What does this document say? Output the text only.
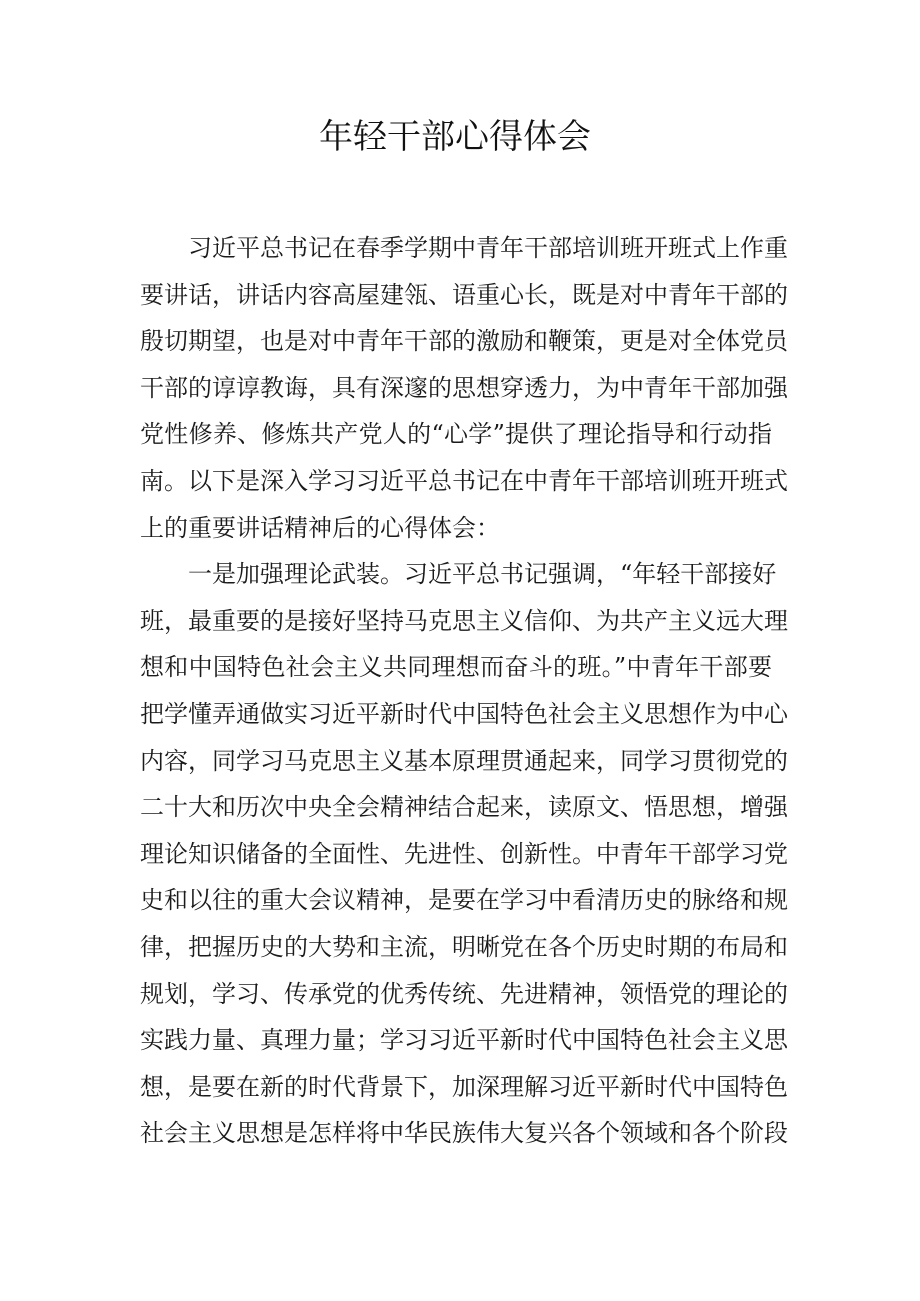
年轻干部心得体会
习近平总书记在春季学期中青年干部培训班开班式上作重
要讲话，讲话内容高屋建瓴、语重心长，既是对中青年干部的
殷切期望，也是对中青年干部的激励和鞭策，更是对全体党员
干部的谆谆教诲，具有深邃的思想穿透力，为中青年干部加强
党性修养、修炼共产党人的“心学”提供了理论指导和行动指
南。以下是深入学习习近平总书记在中青年干部培训班开班式
上的重要讲话精神后的心得体会：
一是加强理论武装。习近平总书记强调，“年轻干部接好
班，最重要的是接好坚持马克思主义信仰、为共产主义远大理
想和中国特色社会主义共同理想而奋斗的班。”中青年干部要
把学懂弄通做实习近平新时代中国特色社会主义思想作为中心
内容，同学习马克思主义基本原理贯通起来，同学习贯彻党的
二十大和历次中央全会精神结合起来，读原文、悟思想，增强
理论知识储备的全面性、先进性、创新性。中青年干部学习党
史和以往的重大会议精神，是要在学习中看清历史的脉络和规
律，把握历史的大势和主流，明晰党在各个历史时期的布局和
规划，学习、传承党的优秀传统、先进精神，领悟党的理论的
实践力量、真理力量；学习习近平新时代中国特色社会主义思
想，是要在新的时代背景下，加深理解习近平新时代中国特色
社会主义思想是怎样将中华民族伟大复兴各个领域和各个阶段
